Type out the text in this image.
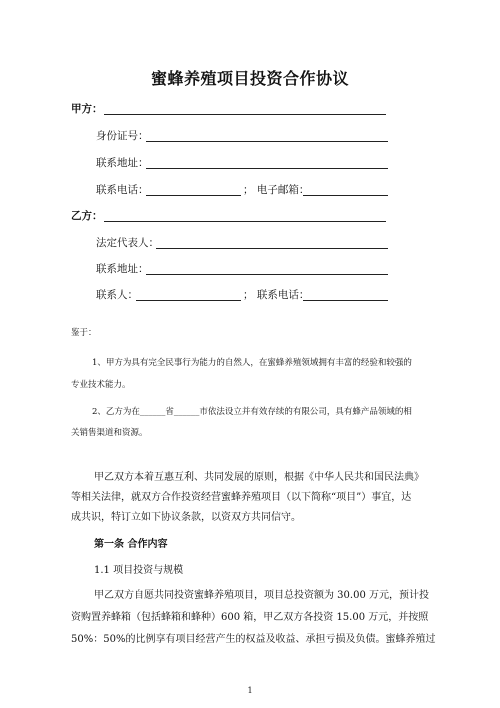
蜜蜂养殖项目投资合作协议
甲方：
身份证号：
联系地址：
联系电话：	； 电子邮箱：
乙方：
法定代表人：
联系地址：
联系人：	； 联系电话：
鉴于：
1、甲方为具有完全民事行为能力的自然人，在蜜蜂养殖领域拥有丰富的经验和较强的
专业技术能力。
2、乙方为在______省______市依法设立并有效存续的有限公司，具有蜂产品领域的相
关销售渠道和资源。
甲乙双方本着互惠互利、共同发展的原则，根据《中华人民共和国民法典》
等相关法律，就双方合作投资经营蜜蜂养殖项目（以下简称“项目”）事宜，达
成共识，特订立如下协议条款，以资双方共同信守。
第一条 合作内容
1.1 项目投资与规模
甲乙双方自愿共同投资蜜蜂养殖项目，项目总投资额为 30.00 万元，预计投
资购置养蜂箱（包括蜂箱和蜂种）600 箱，甲乙双方各投资 15.00 万元，并按照
50%：50%的比例享有项目经营产生的权益及收益、承担亏损及负债。蜜蜂养殖过
1
